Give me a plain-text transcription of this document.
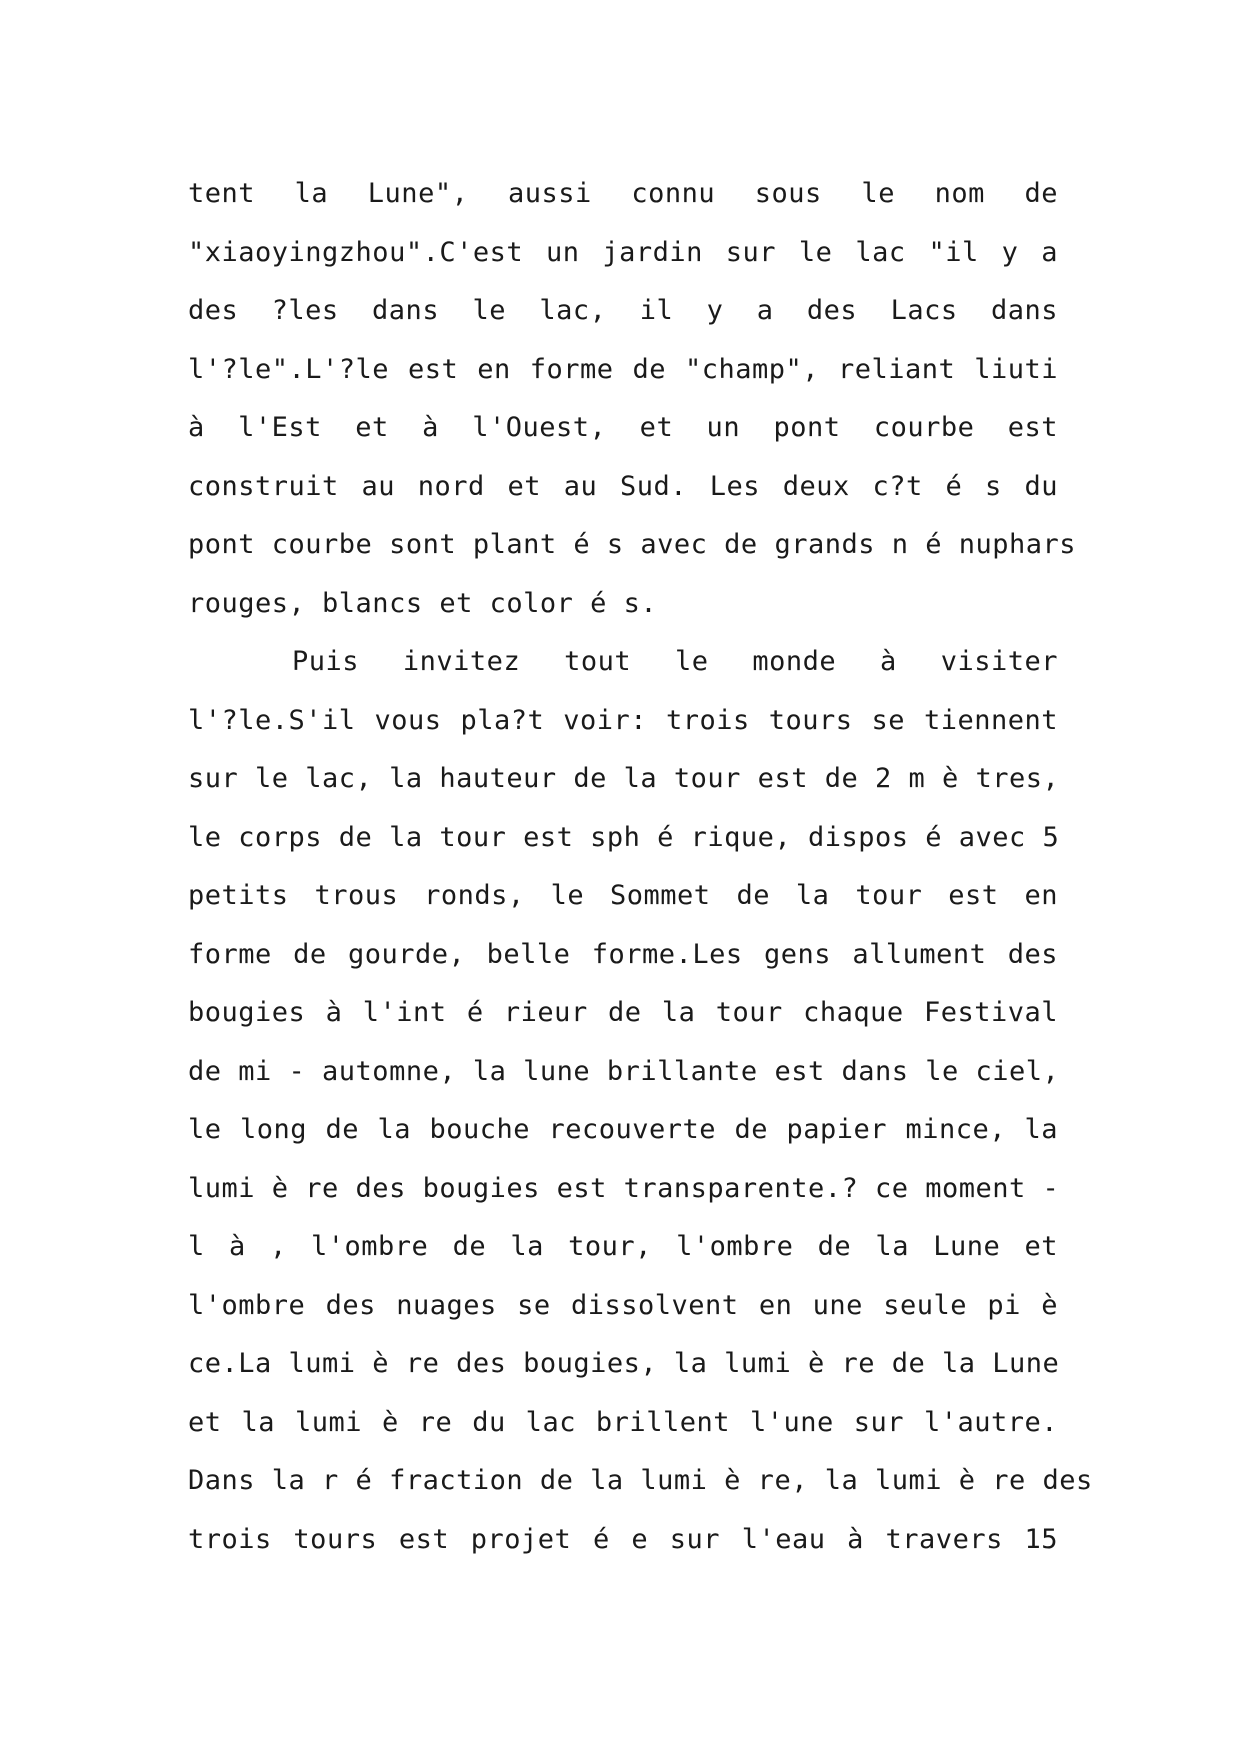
tent la Lune", aussi connu sous le nom de
"xiaoyingzhou".C'est un jardin sur le lac "il y a
des ?les dans le lac, il y a des Lacs dans
l'?le".L'?le est en forme de "champ", reliant liuti
à l'Est et à l'Ouest, et un pont courbe est
construit au nord et au Sud. Les deux c?t é s du
pont courbe sont plant é s avec de grands n é nuphars
rouges, blancs et color é s.
Puis invitez tout le monde à visiter
l'?le.S'il vous pla?t voir: trois tours se tiennent
sur le lac, la hauteur de la tour est de 2 m è tres,
le corps de la tour est sph é rique, dispos é avec 5
petits trous ronds, le Sommet de la tour est en
forme de gourde, belle forme.Les gens allument des
bougies à l'int é rieur de la tour chaque Festival
de mi - automne, la lune brillante est dans le ciel,
le long de la bouche recouverte de papier mince, la
lumi è re des bougies est transparente.? ce moment -
l à , l'ombre de la tour, l'ombre de la Lune et
l'ombre des nuages se dissolvent en une seule pi è
ce.La lumi è re des bougies, la lumi è re de la Lune
et la lumi è re du lac brillent l'une sur l'autre.
Dans la r é fraction de la lumi è re, la lumi è re des
trois tours est projet é e sur l'eau à travers 15
